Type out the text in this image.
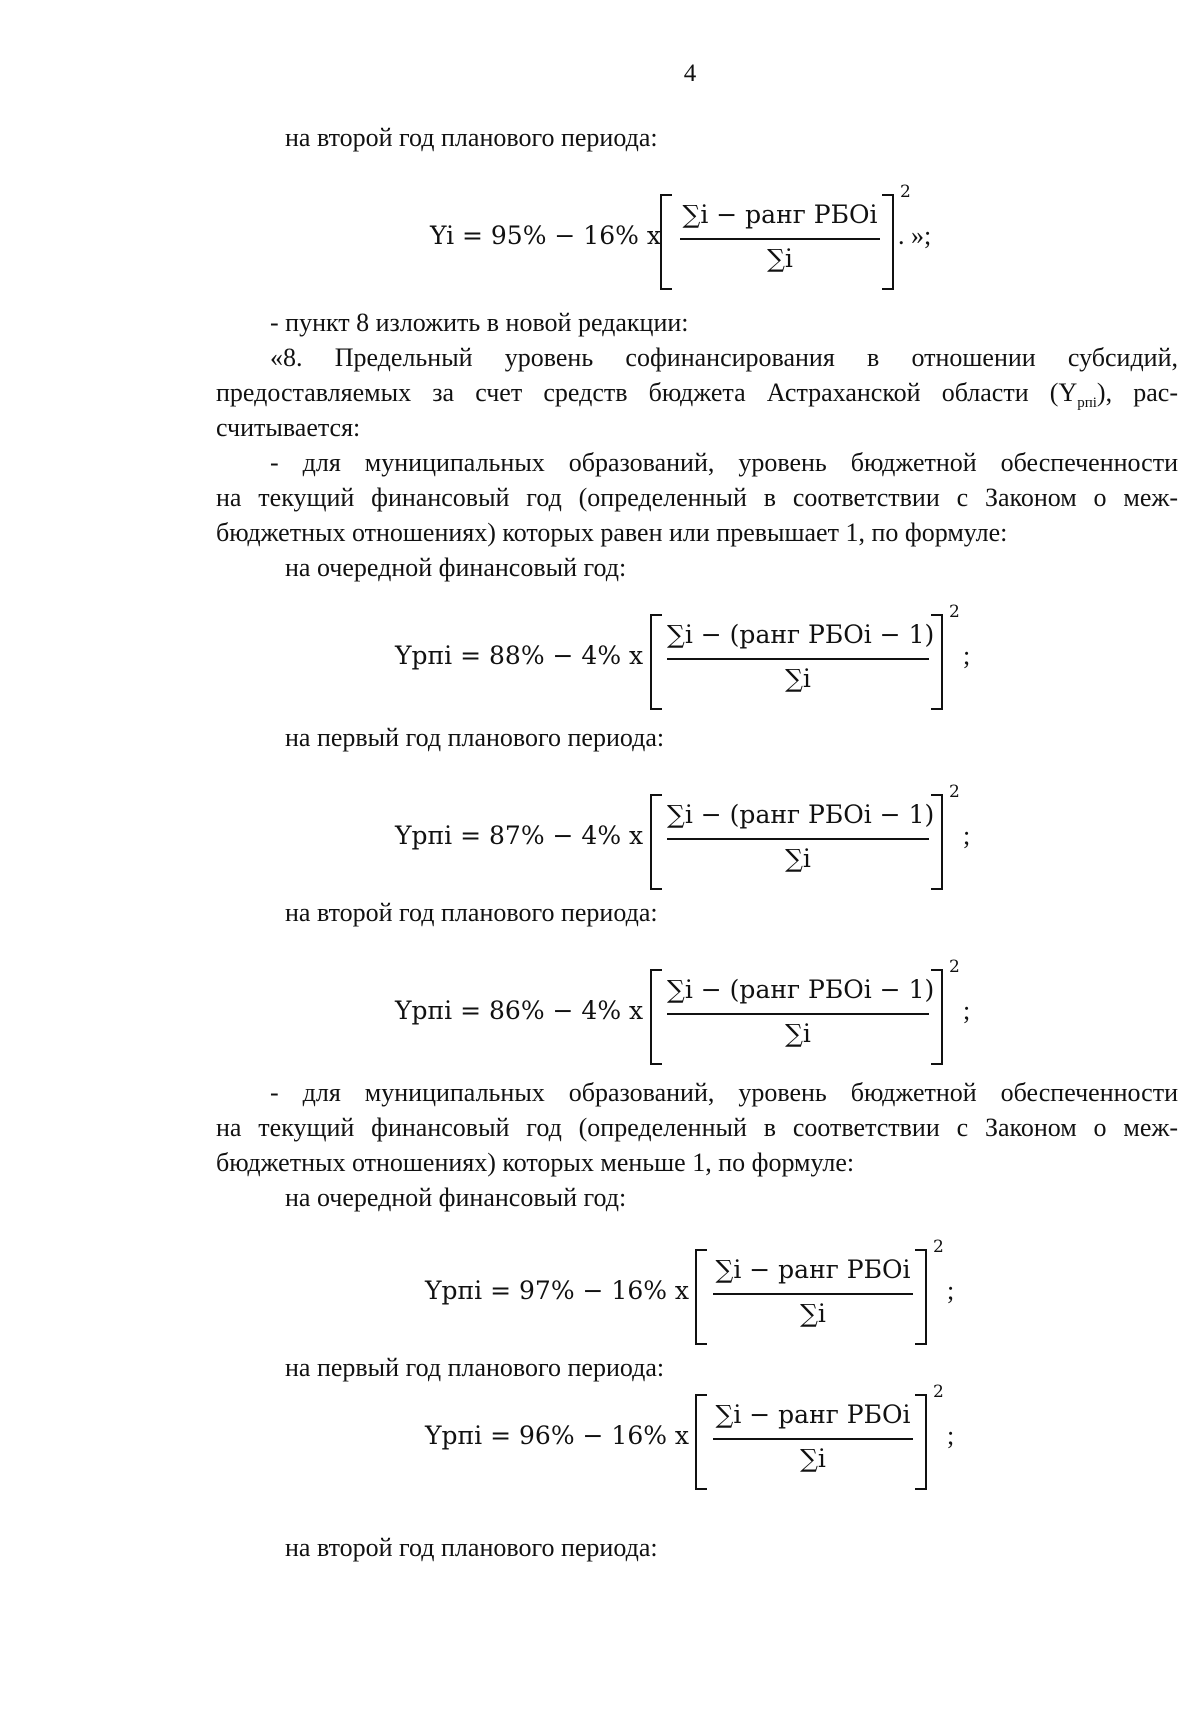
4
на второй год планового периода:
Yi = 95% − 16% x
∑i − ранг РБОi
∑i
2
. »;
- пункт 8 изложить в новой редакции:
«8. Предельный уровень софинансирования в отношении субсидий,
предоставляемых за счет средств бюджета Астраханской области $(Y_{рпi})$, рас-
считывается:
- для муниципальных образований, уровень бюджетной обеспеченности
на текущий финансовый год (определенный в соответствии с Законом о меж-
бюджетных отношениях) которых равен или превышает 1, по формуле:
на очередной финансовый год:
Yрпi = 88% − 4% x
∑i − (ранг РБОi − 1)
∑i
2
;
на первый год планового периода:
Yрпi = 87% − 4% x
∑i − (ранг РБОi − 1)
∑i
2
;
на второй год планового периода:
Yрпi = 86% − 4% x
∑i − (ранг РБОi − 1)
∑i
2
;
- для муниципальных образований, уровень бюджетной обеспеченности
на текущий финансовый год (определенный в соответствии с Законом о меж-
бюджетных отношениях) которых меньше 1, по формуле:
на очередной финансовый год:
Yрпi = 97% − 16% x
∑i − ранг РБОi
∑i
2
;
на первый год планового периода:
Yрпi = 96% − 16% x
∑i − ранг РБОi
∑i
2
;
на второй год планового периода:
